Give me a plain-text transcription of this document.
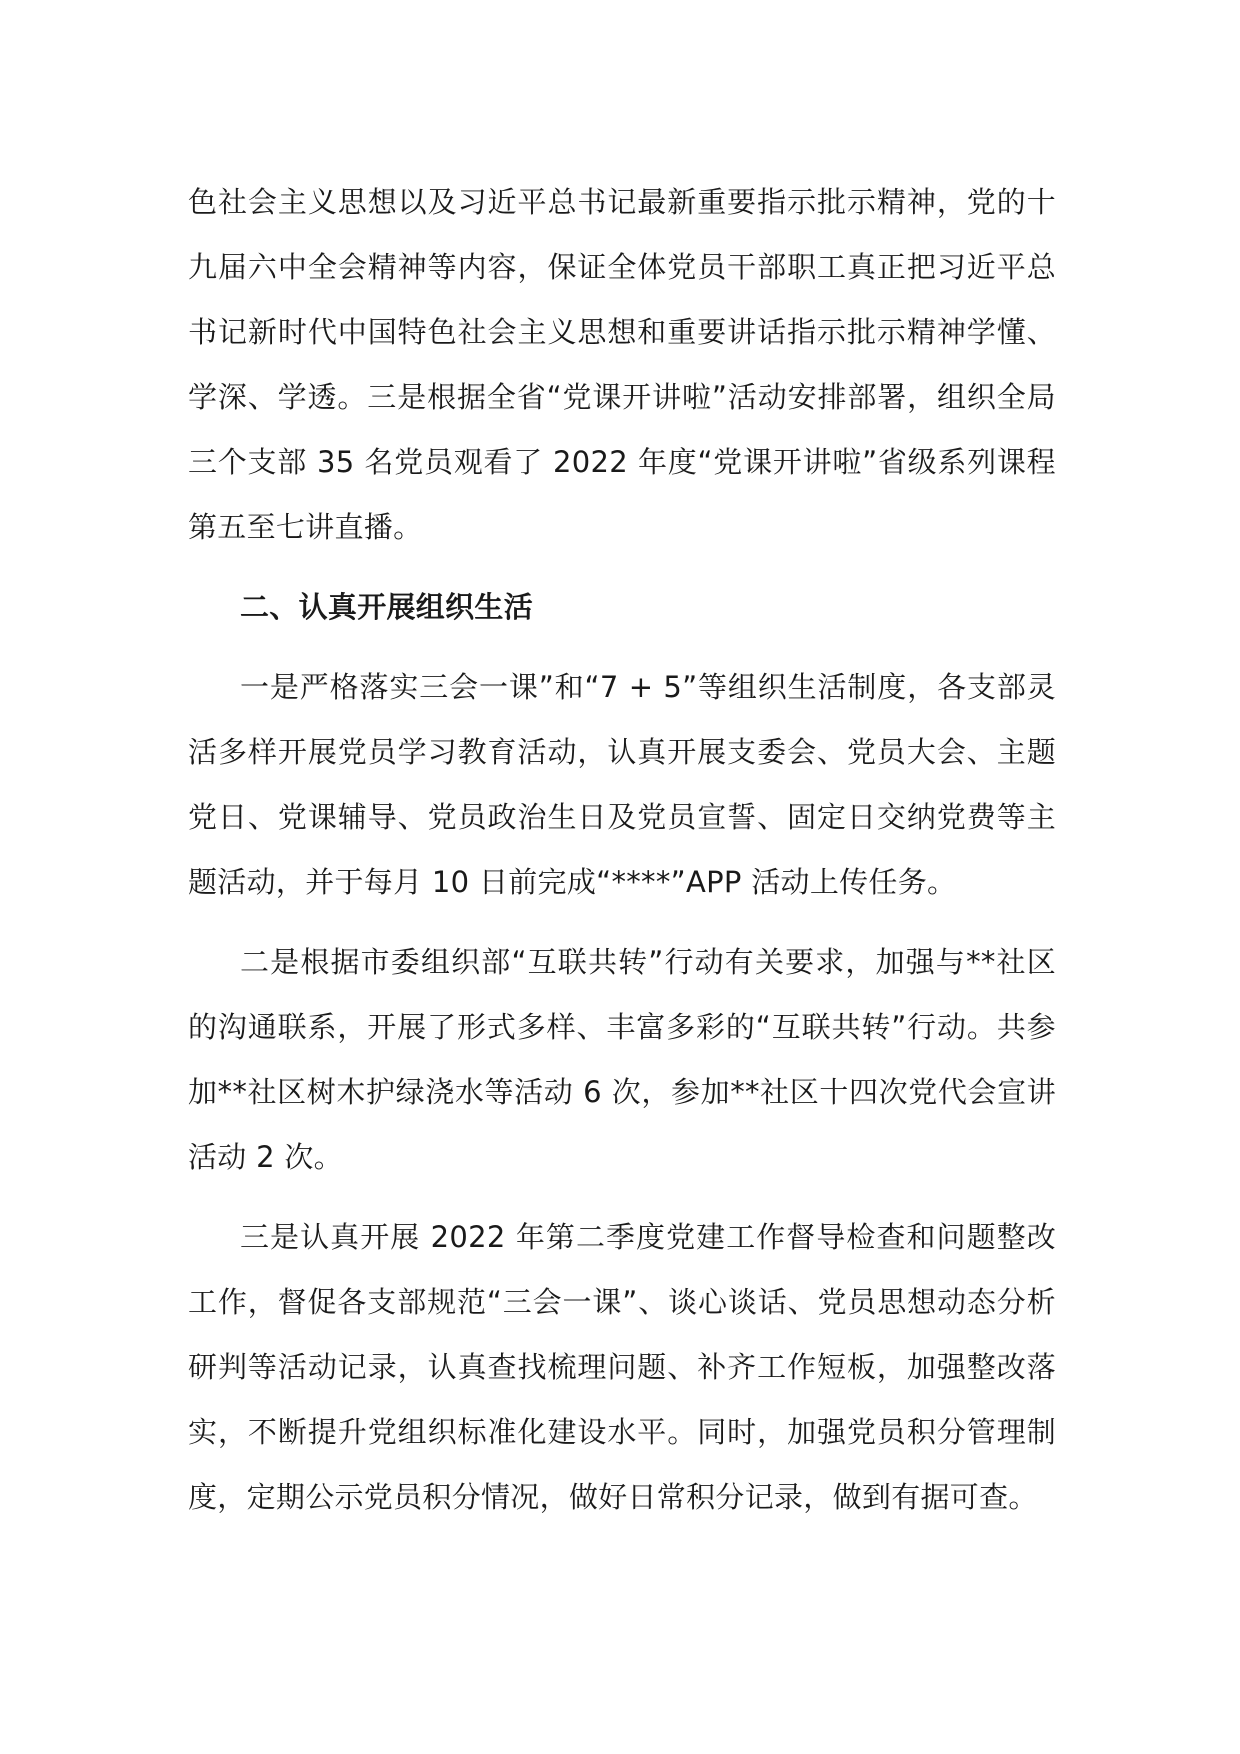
色社会主义思想以及习近平总书记最新重要指示批示精神，党的十九届六中全会精神等内容，保证全体党员干部职工真正把习近平总书记新时代中国特色社会主义思想和重要讲话指示批示精神学懂、学深、学透。三是根据全省“党课开讲啦”活动安排部署，组织全局三个支部 35 名党员观看了 2022 年度“党课开讲啦”省级系列课程第五至七讲直播。

二、认真开展组织生活

一是严格落实三会一课”和“7 + 5”等组织生活制度，各支部灵活多样开展党员学习教育活动，认真开展支委会、党员大会、主题党日、党课辅导、党员政治生日及党员宣誓、固定日交纳党费等主题活动，并于每月 10 日前完成“****”APP 活动上传任务。

二是根据市委组织部“互联共转”行动有关要求，加强与**社区的沟通联系，开展了形式多样、丰富多彩的“互联共转”行动。共参加**社区树木护绿浇水等活动 6 次，参加**社区十四次党代会宣讲活动 2 次。

三是认真开展 2022 年第二季度党建工作督导检查和问题整改工作，督促各支部规范“三会一课”、谈心谈话、党员思想动态分析研判等活动记录，认真查找梳理问题、补齐工作短板，加强整改落实，不断提升党组织标准化建设水平。同时，加强党员积分管理制度，定期公示党员积分情况，做好日常积分记录，做到有据可查。
